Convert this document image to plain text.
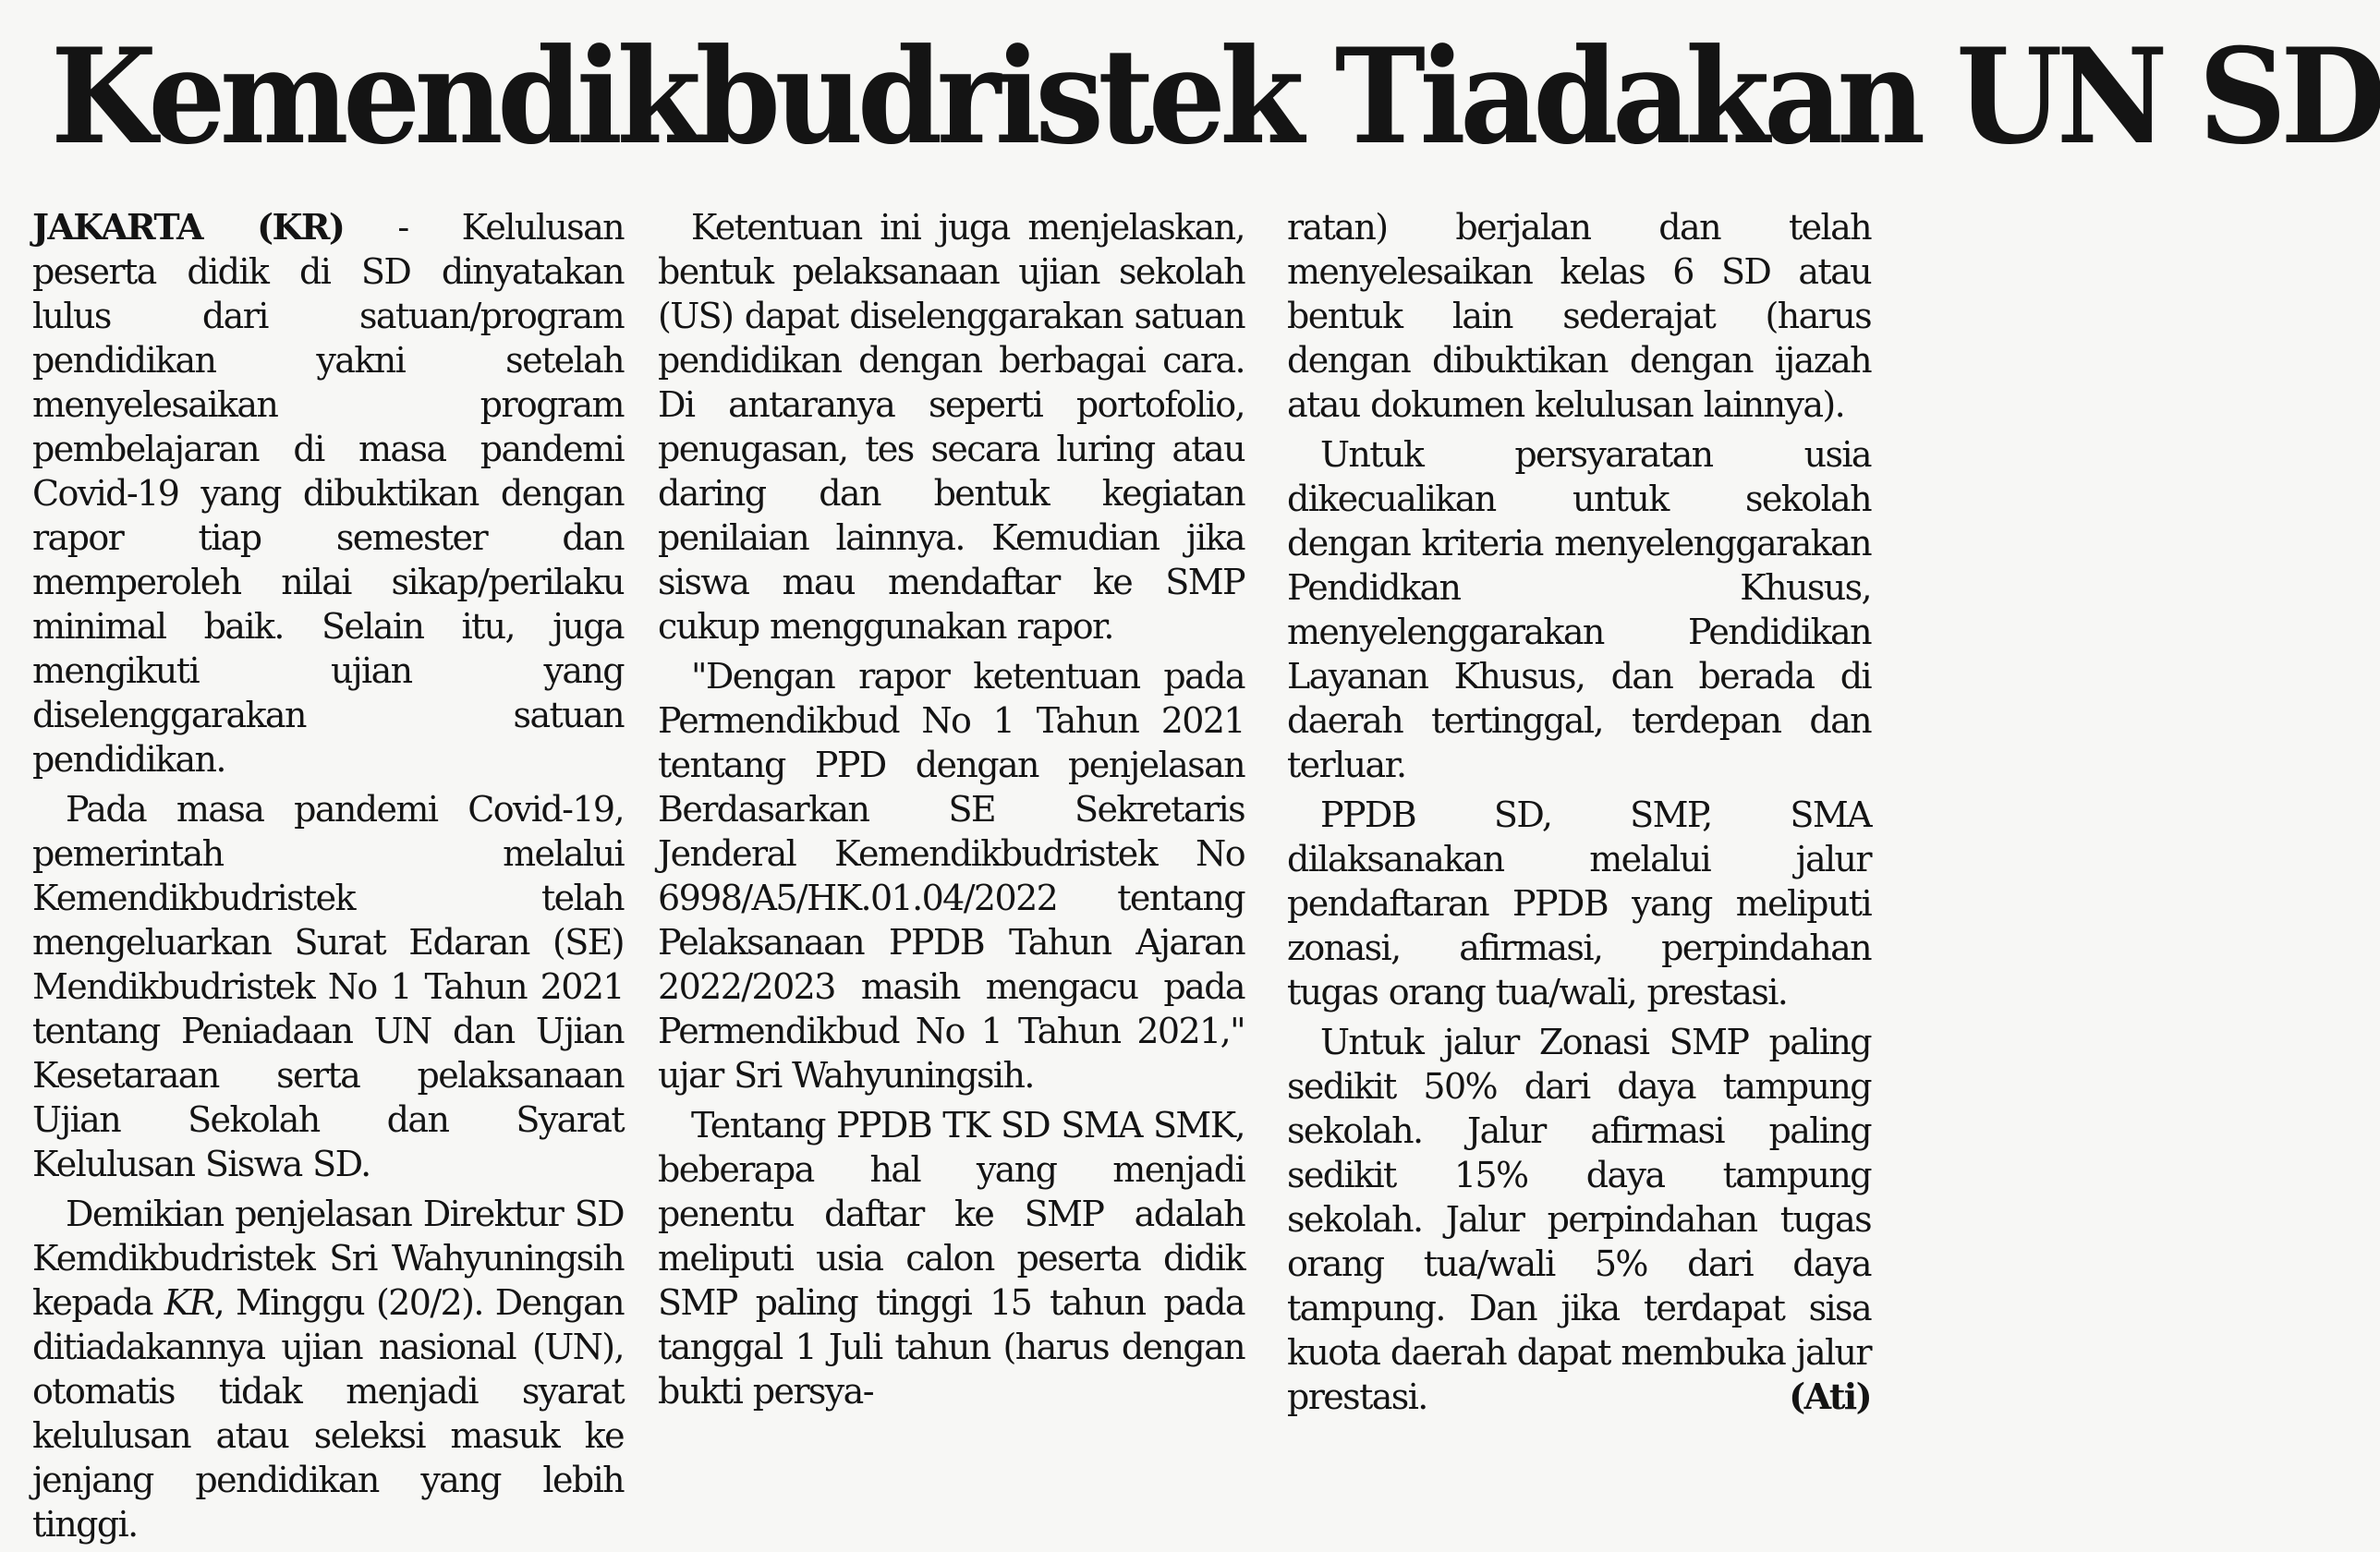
Kemendikbudristek Tiadakan UN SD

JAKARTA (KR) - Kelulusan peserta didik di SD dinyatakan lulus dari satuan/program pendidikan yakni setelah menyelesaikan program pembelajaran di masa pandemi Covid-19 yang dibuktikan dengan rapor tiap semester dan memperoleh nilai sikap/perilaku minimal baik. Selain itu, juga mengikuti ujian yang diselenggarakan satuan pendidikan.

Pada masa pandemi Covid-19, pemerintah melalui Kemendikbudristek telah mengeluarkan Surat Edaran (SE) Mendikbudristek No 1 Tahun 2021 tentang Peniadaan UN dan Ujian Kesetaraan serta pelaksanaan Ujian Sekolah dan Syarat Kelulusan Siswa SD.

Demikian penjelasan Direktur SD Kemdikbudristek Sri Wahyuningsih kepada KR, Minggu (20/2). Dengan ditiadakannya ujian nasional (UN), otomatis tidak menjadi syarat kelulusan atau seleksi masuk ke jenjang pendidikan yang lebih tinggi.

Ketentuan ini juga menjelaskan, bentuk pelaksanaan ujian sekolah (US) dapat diselenggarakan satuan pendidikan dengan berbagai cara. Di antaranya seperti portofolio, penugasan, tes secara luring atau daring dan bentuk kegiatan penilaian lainnya. Kemudian jika siswa mau mendaftar ke SMP cukup menggunakan rapor.

"Dengan rapor ketentuan pada Permendikbud No 1 Tahun 2021 tentang PPD dengan penjelasan Berdasarkan SE Sekretaris Jenderal Kemendikbudristek No 6998/A5/HK.01.04/2022 tentang Pelaksanaan PPDB Tahun Ajaran 2022/2023 masih mengacu pada Permendikbud No 1 Tahun 2021," ujar Sri Wahyuningsih.

Tentang PPDB TK SD SMA SMK, beberapa hal yang menjadi penentu daftar ke SMP adalah meliputi usia calon peserta didik SMP paling tinggi 15 tahun pada tanggal 1 Juli tahun (harus dengan bukti persya-

ratan) berjalan dan telah menyelesaikan kelas 6 SD atau bentuk lain sederajat (harus dengan dibuktikan dengan ijazah atau dokumen kelulusan lainnya).

Untuk persyaratan usia dikecualikan untuk sekolah dengan kriteria menyelenggarakan Pendidkan Khusus, menyelenggarakan Pendidikan Layanan Khusus, dan berada di daerah tertinggal, terdepan dan terluar.

PPDB SD, SMP, SMA dilaksanakan melalui jalur pendaftaran PPDB yang meliputi zonasi, afirmasi, perpindahan tugas orang tua/wali, prestasi.

Untuk jalur Zonasi SMP paling sedikit 50% dari daya tampung sekolah. Jalur afirmasi paling sedikit 15% daya tampung sekolah. Jalur perpindahan tugas orang tua/wali 5% dari daya tampung. Dan jika terdapat sisa kuota daerah dapat membuka jalur prestasi.	(Ati)
